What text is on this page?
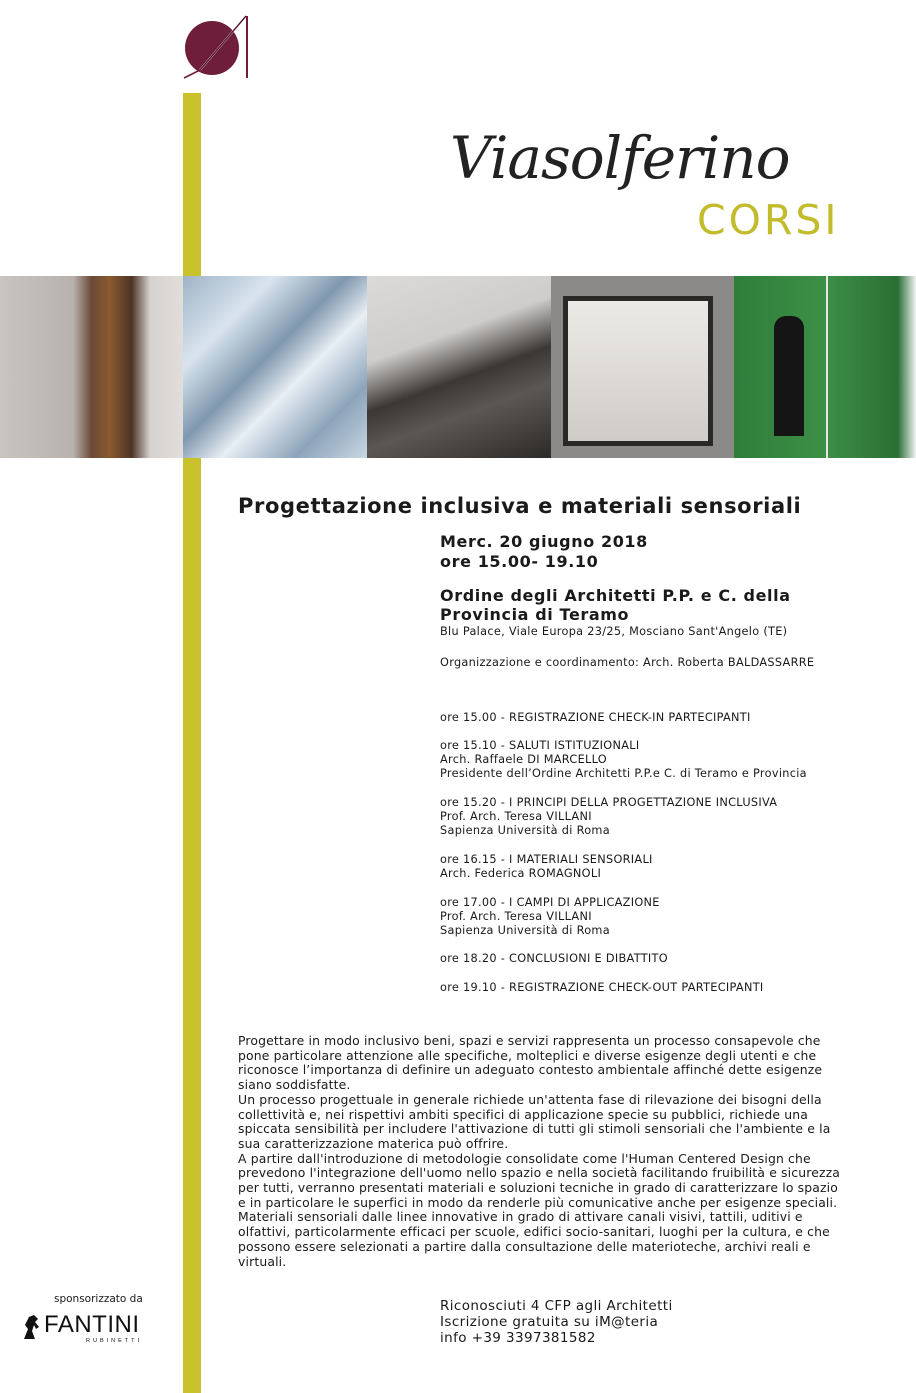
Viasolferino

CORSI

Progettazione inclusiva e materiali sensoriali
Merc. 20 giugno 2018
ore 15.00- 19.10
Ordine degli Architetti P.P. e C. della
Provincia di Teramo
Blu Palace, Viale Europa 23/25, Mosciano Sant'Angelo (TE)
Organizzazione e coordinamento: Arch. Roberta BALDASSARRE
ore 15.00 - REGISTRAZIONE CHECK-IN PARTECIPANTI
ore 15.10 - SALUTI ISTITUZIONALI
Arch. Raffaele DI MARCELLO
Presidente dell’Ordine Architetti P.P.e C. di Teramo e Provincia
ore 15.20 - I PRINCIPI DELLA PROGETTAZIONE INCLUSIVA
Prof. Arch. Teresa VILLANI
Sapienza Università di Roma
ore 16.15 - I MATERIALI SENSORIALI
Arch. Federica ROMAGNOLI
ore 17.00 - I CAMPI DI APPLICAZIONE
Prof. Arch. Teresa VILLANI
Sapienza Università di Roma
ore 18.20 - CONCLUSIONI E DIBATTITO
ore 19.10 - REGISTRAZIONE CHECK-OUT PARTECIPANTI

Progettare in modo inclusivo beni, spazi e servizi rappresenta un processo consapevole che pone particolare attenzione alle specifiche, molteplici e diverse esigenze degli utenti e che riconosce l’importanza di definire un adeguato contesto ambientale affinché dette esigenze siano soddisfatte.

Un processo progettuale in generale richiede un'attenta fase di rilevazione dei bisogni della collettività e, nei rispettivi ambiti specifici di applicazione specie su pubblici, richiede una spiccata sensibilità per includere l'attivazione di tutti gli stimoli sensoriali che l'ambiente e la sua caratterizzazione materica può offrire.

A partire dall'introduzione di metodologie consolidate come l'Human Centered Design che prevedono l'integrazione dell'uomo nello spazio e nella società facilitando fruibilità e sicurezza per tutti, verranno presentati materiali e soluzioni tecniche in grado di caratterizzare lo spazio e in particolare le superfici in modo da renderle più comunicative anche per esigenze speciali.

Materiali sensoriali dalle linee innovative in grado di attivare canali visivi, tattili, uditivi e olfattivi, particolarmente efficaci per scuole, edifici socio-sanitari, luoghi per la cultura, e che possono essere selezionati a partire dalla consultazione delle materioteche, archivi reali e virtuali.

Riconosciuti 4 CFP agli Architetti
Iscrizione gratuita su iM@teria
info +39 3397381582
sponsorizzato da
FANTINI
RUBINETTI
